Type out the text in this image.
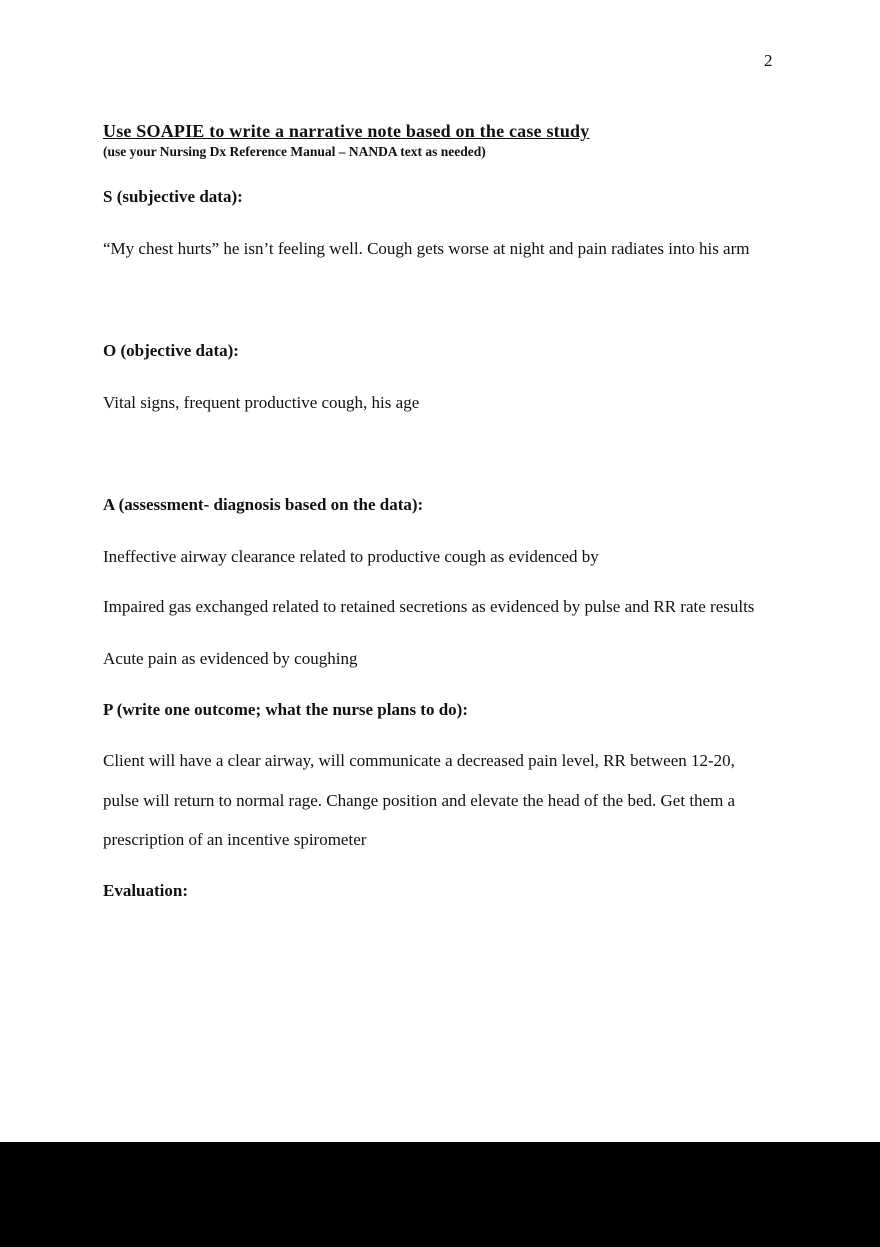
2
Use SOAPIE to write a narrative note based on the case study
(use your Nursing Dx Reference Manual – NANDA text as needed)
S (subjective data):
“My chest hurts” he isn’t feeling well. Cough gets worse at night and pain radiates into his arm
O (objective data):
Vital signs, frequent productive cough, his age
A (assessment- diagnosis based on the data):
Ineffective airway clearance related to productive cough as evidenced by
Impaired gas exchanged related to retained secretions as evidenced by pulse and RR rate results
Acute pain as evidenced by coughing
P (write one outcome; what the nurse plans to do):
Client will have a clear airway, will communicate a decreased pain level, RR between 12-20,
pulse will return to normal rage. Change position and elevate the head of the bed. Get them a
prescription of an incentive spirometer
Evaluation:
